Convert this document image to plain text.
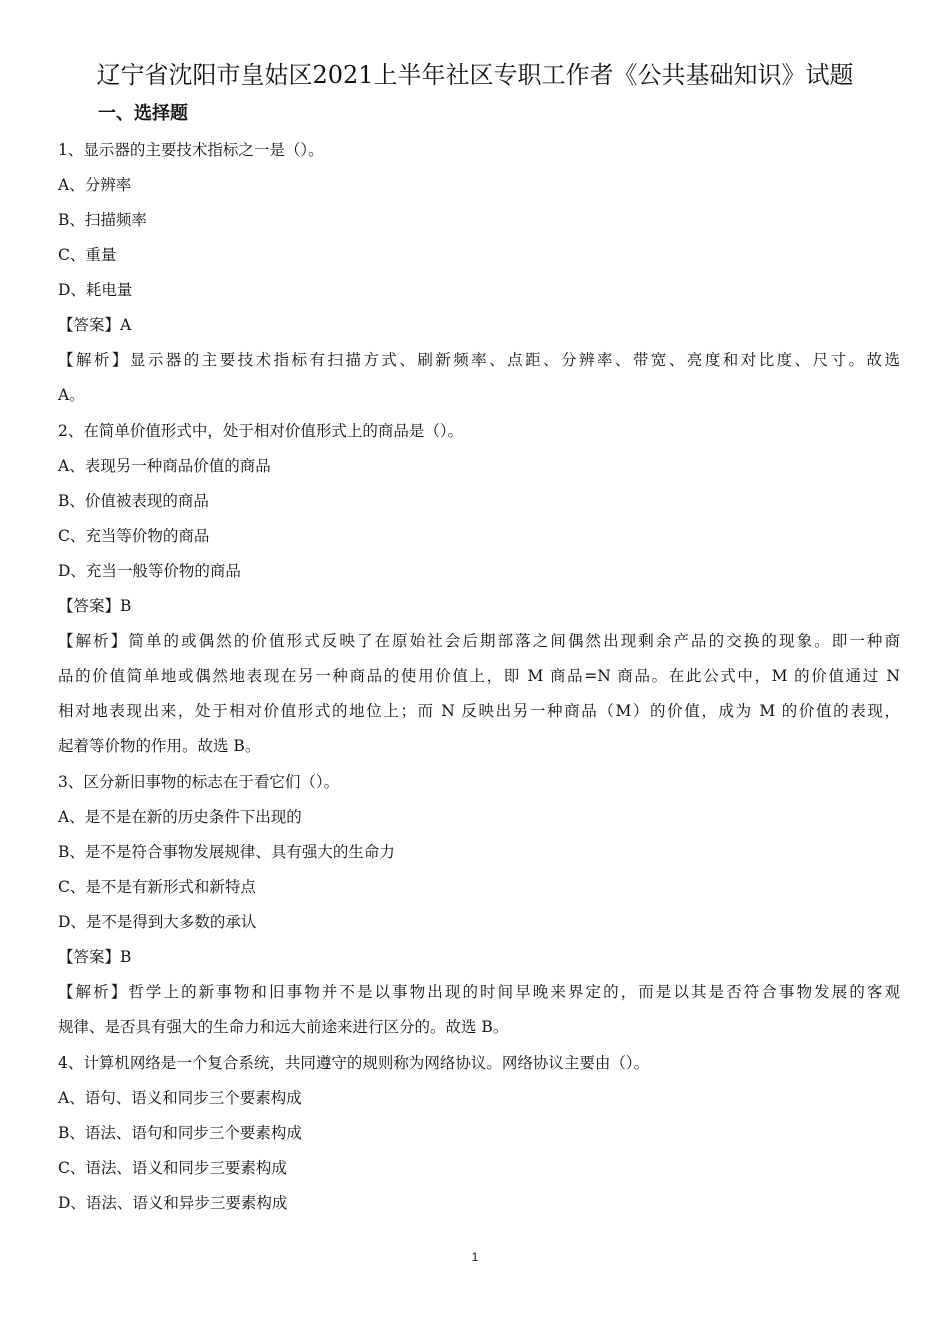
辽宁省沈阳市皇姑区2021上半年社区专职工作者《公共基础知识》试题
一、选择题
1、显示器的主要技术指标之一是（）。
A、分辨率
B、扫描频率
C、重量
D、耗电量
【答案】A
【解析】显示器的主要技术指标有扫描方式、刷新频率、点距、分辨率、带宽、亮度和对比度、尺寸。故选
A。
2、在简单价值形式中，处于相对价值形式上的商品是（）。
A、表现另一种商品价值的商品
B、价值被表现的商品
C、充当等价物的商品
D、充当一般等价物的商品
【答案】B
【解析】简单的或偶然的价值形式反映了在原始社会后期部落之间偶然出现剩余产品的交换的现象。即一种商
品的价值简单地或偶然地表现在另一种商品的使用价值上，即 M 商品=N 商品。在此公式中，M 的价值通过 N
相对地表现出来，处于相对价值形式的地位上；而 N 反映出另一种商品（M）的价值，成为 M 的价值的表现，
起着等价物的作用。故选 B。
3、区分新旧事物的标志在于看它们（）。
A、是不是在新的历史条件下出现的
B、是不是符合事物发展规律、具有强大的生命力
C、是不是有新形式和新特点
D、是不是得到大多数的承认
【答案】B
【解析】哲学上的新事物和旧事物并不是以事物出现的时间早晚来界定的，而是以其是否符合事物发展的客观
规律、是否具有强大的生命力和远大前途来进行区分的。故选 B。
4、计算机网络是一个复合系统，共同遵守的规则称为网络协议。网络协议主要由（）。
A、语句、语义和同步三个要素构成
B、语法、语句和同步三个要素构成
C、语法、语义和同步三要素构成
D、语法、语义和异步三要素构成
1
